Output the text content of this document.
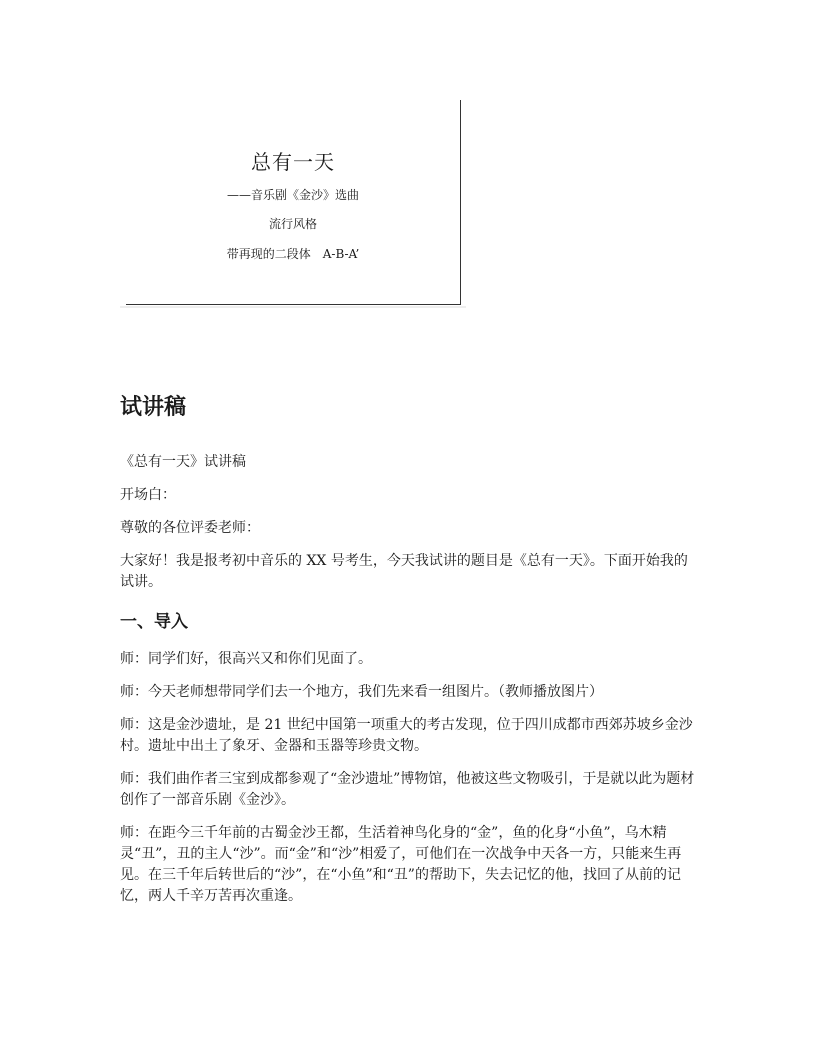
总有一天
——音乐剧《金沙》选曲
流行风格
带再现的二段体　A-B-A’
试讲稿

《总有一天》试讲稿

开场白：

尊敬的各位评委老师：

大家好！我是报考初中音乐的 XX 号考生，今天我试讲的题目是《总有一天》。下面开始我的试讲。

一、导入

师：同学们好，很高兴又和你们见面了。

师：今天老师想带同学们去一个地方，我们先来看一组图片。（教师播放图片）

师：这是金沙遗址，是 21 世纪中国第一项重大的考古发现，位于四川成都市西郊苏坡乡金沙村。遗址中出土了象牙、金器和玉器等珍贵文物。

师：我们曲作者三宝到成都参观了“金沙遗址”博物馆，他被这些文物吸引，于是就以此为题材创作了一部音乐剧《金沙》。

师：在距今三千年前的古蜀金沙王都，生活着神鸟化身的“金”，鱼的化身“小鱼”，乌木精灵“丑”，丑的主人“沙”。而“金”和“沙”相爱了，可他们在一次战争中天各一方，只能来生再见。在三千年后转世后的“沙”，在“小鱼”和“丑”的帮助下，失去记忆的他，找回了从前的记忆，两人千辛万苦再次重逢。
